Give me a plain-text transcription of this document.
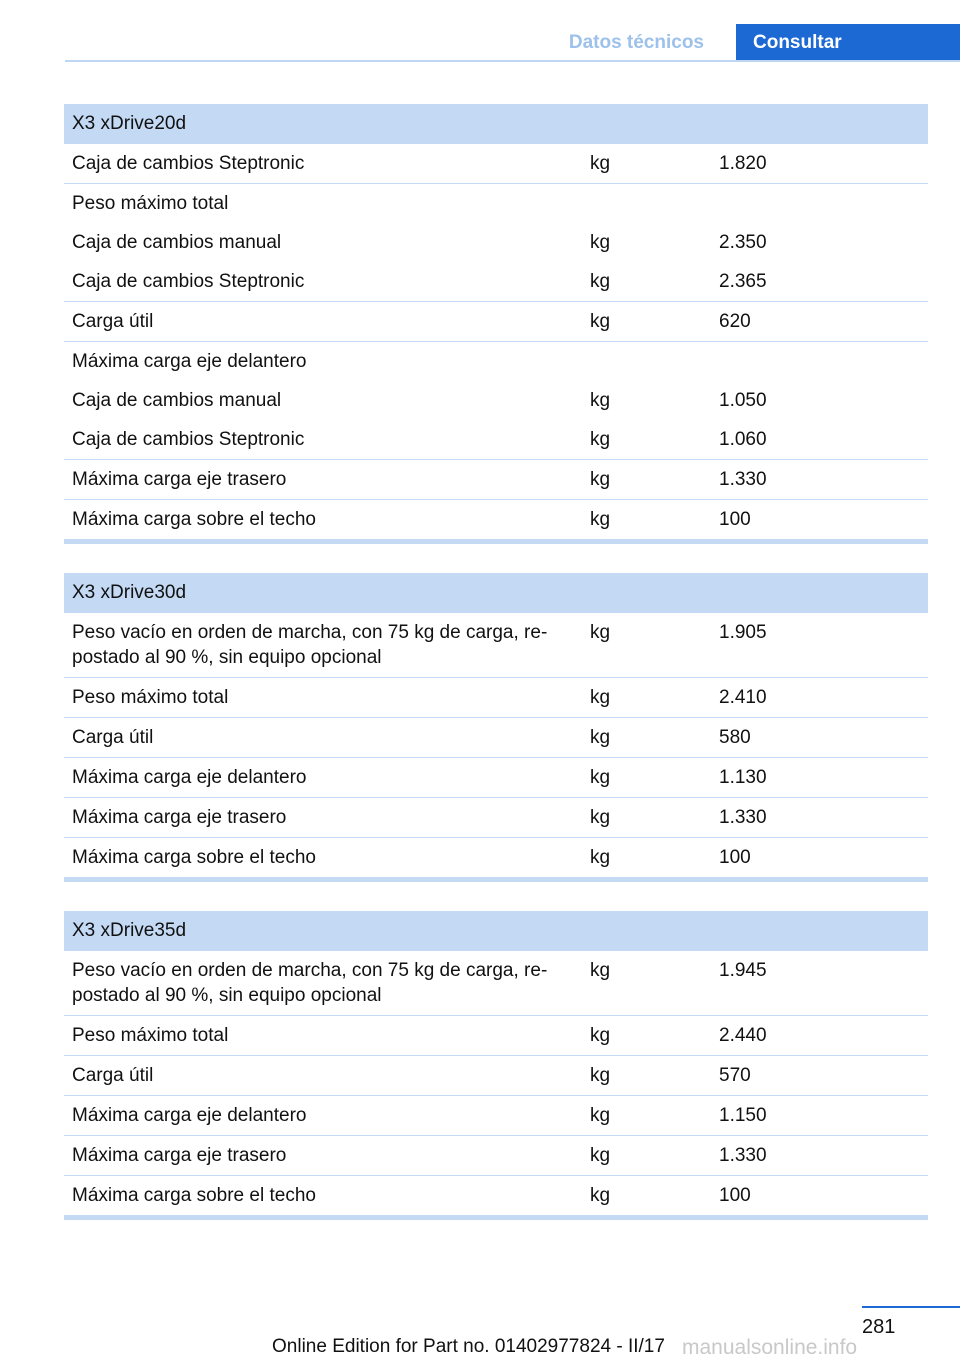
Datos técnicos	Consultar
X3 xDrive20d		
Caja de cambios Steptronic	kg	1.820
Peso máximo total		
Caja de cambios manual	kg	2.350
Caja de cambios Steptronic	kg	2.365
Carga útil	kg	620
Máxima carga eje delantero		
Caja de cambios manual	kg	1.050
Caja de cambios Steptronic	kg	1.060
Máxima carga eje trasero	kg	1.330
Máxima carga sobre el techo	kg	100
X3 xDrive30d		
Peso vacío en orden de marcha, con 75 kg de carga, repostado al 90 %, sin equipo opcional	kg	1.905
Peso máximo total	kg	2.410
Carga útil	kg	580
Máxima carga eje delantero	kg	1.130
Máxima carga eje trasero	kg	1.330
Máxima carga sobre el techo	kg	100
X3 xDrive35d		
Peso vacío en orden de marcha, con 75 kg de carga, repostado al 90 %, sin equipo opcional	kg	1.945
Peso máximo total	kg	2.440
Carga útil	kg	570
Máxima carga eje delantero	kg	1.150
Máxima carga eje trasero	kg	1.330
Máxima carga sobre el techo	kg	100
281
Online Edition for Part no. 01402977824 - II/17 manualsonline.info
